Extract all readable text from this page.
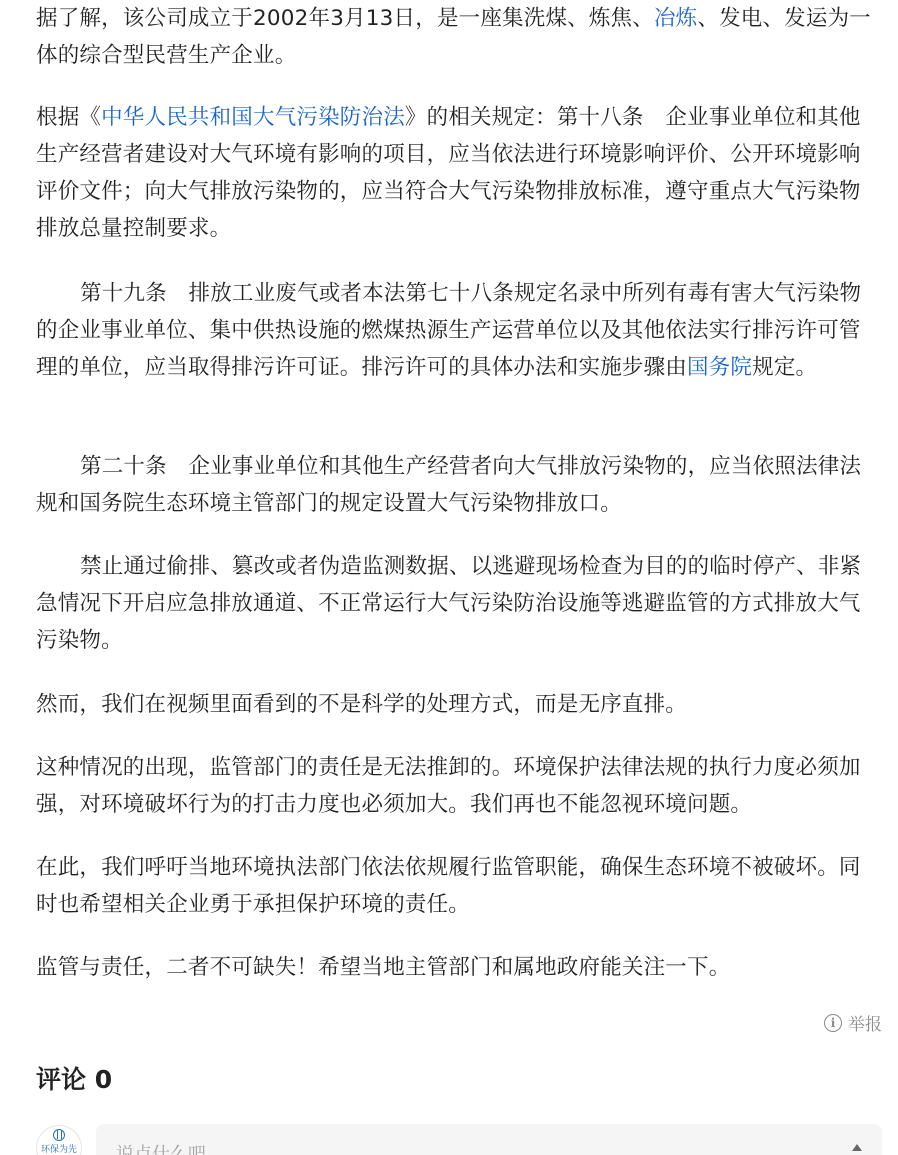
据了解，该公司成立于2002年3月13日，是一座集洗煤、炼焦、冶炼、发电、发运为一体的综合型民营生产企业。

根据《中华人民共和国大气污染防治法》的相关规定：第十八条　企业事业单位和其他生产经营者建设对大气环境有影响的项目，应当依法进行环境影响评价、公开环境影响评价文件；向大气排放污染物的，应当符合大气污染物排放标准，遵守重点大气污染物排放总量控制要求。

第十九条　排放工业废气或者本法第七十八条规定名录中所列有毒有害大气污染物的企业事业单位、集中供热设施的燃煤热源生产运营单位以及其他依法实行排污许可管理的单位，应当取得排污许可证。排污许可的具体办法和实施步骤由国务院规定。

第二十条　企业事业单位和其他生产经营者向大气排放污染物的，应当依照法律法规和国务院生态环境主管部门的规定设置大气污染物排放口。

禁止通过偷排、篡改或者伪造监测数据、以逃避现场检查为目的的临时停产、非紧急情况下开启应急排放通道、不正常运行大气污染防治设施等逃避监管的方式排放大气污染物。

然而，我们在视频里面看到的不是科学的处理方式，而是无序直排。

这种情况的出现，监管部门的责任是无法推卸的。环境保护法律法规的执行力度必须加强，对环境破坏行为的打击力度也必须加大。我们再也不能忽视环境问题。

在此，我们呼吁当地环境执法部门依法依规履行监管职能，确保生态环境不被破坏。同时也希望相关企业勇于承担保护环境的责任。

监管与责任，二者不可缺失！希望当地主管部门和属地政府能关注一下。

i 举报
评论 0
环保为先
说点什么吧
